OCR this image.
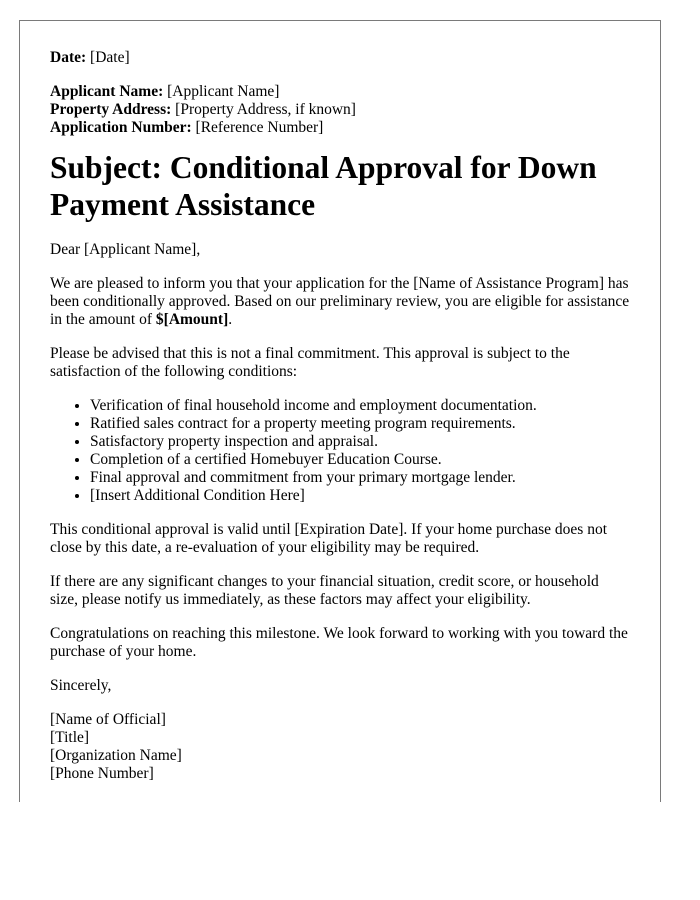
Date: [Date]
Applicant Name: [Applicant Name]
Property Address: [Property Address, if known]
Application Number: [Reference Number]
Subject: Conditional Approval for Down Payment Assistance

Dear [Applicant Name],

We are pleased to inform you that your application for the [Name of Assistance Program] has been conditionally approved. Based on our preliminary review, you are eligible for assistance in the amount of $[Amount].

Please be advised that this is not a final commitment. This approval is subject to the satisfaction of the following conditions:

• Verification of final household income and employment documentation.
• Ratified sales contract for a property meeting program requirements.
• Satisfactory property inspection and appraisal.
• Completion of a certified Homebuyer Education Course.
• Final approval and commitment from your primary mortgage lender.
• [Insert Additional Condition Here]

This conditional approval is valid until [Expiration Date]. If your home purchase does not close by this date, a re-evaluation of your eligibility may be required.

If there are any significant changes to your financial situation, credit score, or household size, please notify us immediately, as these factors may affect your eligibility.

Congratulations on reaching this milestone. We look forward to working with you toward the purchase of your home.

Sincerely,

[Name of Official]
[Title]
[Organization Name]
[Phone Number]
